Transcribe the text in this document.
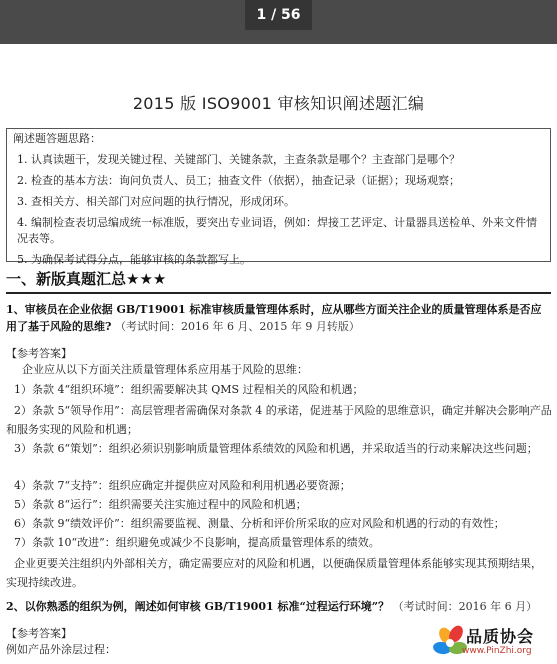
1 / 56
2015 版 ISO9001 审核知识阐述题汇编
阐述题答题思路：
1. 认真读题干，发现关键过程、关键部门、关键条款，主查条款是哪个？主查部门是哪个？
2. 检查的基本方法：询问负责人、员工；抽查文件（依据），抽查记录（证据）；现场观察；
3. 查相关方、相关部门对应问题的执行情况，形成闭环。
4. 编制检查表切忌编成统一标准版，要突出专业词语，例如：焊接工艺评定、计量器具送检单、外来文件情况表等。
5. 为确保考试得分点，能够审核的条款都写上。
一、新版真题汇总★★★
1、审核员在企业依据 GB/T19001 标准审核质量管理体系时，应从哪些方面关注企业的质量管理体系是否应用了基于风险的思维? （考试时间：2016 年 6 月、2015 年 9 月转版）
【参考答案】
企业应从以下方面关注质量管理体系应用基于风险的思维：
1）条款 4“组织环境”：组织需要解决其 QMS 过程相关的风险和机遇；
2）条款 5“领导作用”：高层管理者需确保对条款 4 的承诺，促进基于风险的思维意识，确定并解决会影响产品和服务实现的风险和机遇；
3）条款 6“策划”：组织必须识别影响质量管理体系绩效的风险和机遇，并采取适当的行动来解决这些问题；
4）条款 7“支持”：组织应确定并提供应对风险和利用机遇必要资源；
5）条款 8“运行”：组织需要关注实施过程中的风险和机遇；
6）条款 9“绩效评价”：组织需要监视、测量、分析和评价所采取的应对风险和机遇的行动的有效性；
7）条款 10“改进”：组织避免或减少不良影响，提高质量管理体系的绩效。
企业更要关注组织内外部相关方，确定需要应对的风险和机遇，以便确保质量管理体系能够实现其预期结果，实现持续改进。
2、以你熟悉的组织为例，阐述如何审核 GB/T19001 标准“过程运行环境”？ （考试时间：2016 年 6 月）
【参考答案】
例如产品外涂层过程：
品质协会
www.PinZhi.org
